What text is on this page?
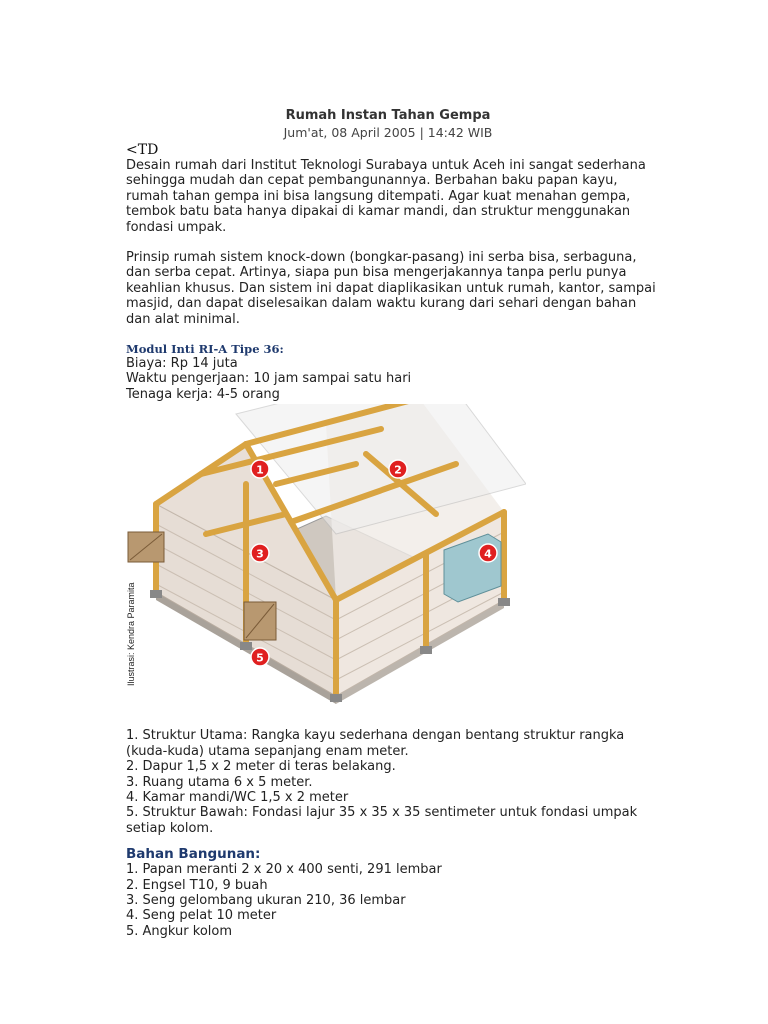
Rumah Instan Tahan Gempa
Jum'at, 08 April 2005 | 14:42 WIB
<TD

Desain rumah dari Institut Teknologi Surabaya untuk Aceh ini sangat sederhana sehingga mudah dan cepat pembangunannya. Berbahan baku papan kayu, rumah tahan gempa ini bisa langsung ditempati. Agar kuat menahan gempa, tembok batu bata hanya dipakai di kamar mandi, dan struktur menggunakan fondasi umpak.

Prinsip rumah sistem knock-down (bongkar-pasang) ini serba bisa, serbaguna, dan serba cepat. Artinya, siapa pun bisa mengerjakannya tanpa perlu punya keahlian khusus. Dan sistem ini dapat diaplikasikan untuk rumah, kantor, sampai masjid, dan dapat diselesaikan dalam waktu kurang dari sehari dengan bahan dan alat minimal.

Modul Inti RI-A Tipe 36:
Biaya: Rp 14 juta
Waktu pengerjaan: 10 jam sampai satu hari
Tenaga kerja: 4-5 orang
1	2
3	4
5
Ilustrasi: Kendra Paramita
1. Struktur Utama: Rangka kayu sederhana dengan bentang struktur rangka (kuda-kuda) utama sepanjang enam meter.
2. Dapur 1,5 x 2 meter di teras belakang.
3. Ruang utama 6 x 5 meter.
4. Kamar mandi/WC 1,5 x 2 meter
5. Struktur Bawah: Fondasi lajur 35 x 35 x 35 sentimeter untuk fondasi umpak setiap kolom.
Bahan Bangunan:
1. Papan meranti 2 x 20 x 400 senti, 291 lembar
2. Engsel T10, 9 buah
3. Seng gelombang ukuran 210, 36 lembar
4. Seng pelat 10 meter
5. Angkur kolom
